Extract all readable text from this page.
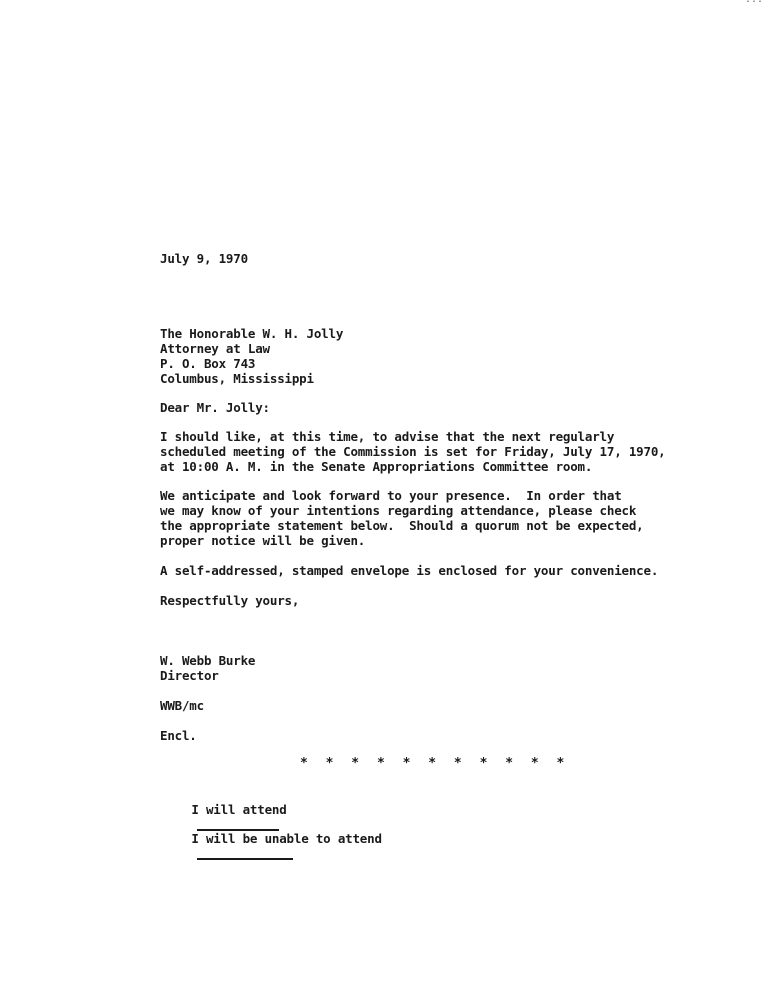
July 9, 1970
The Honorable W. H. Jolly
Attorney at Law
P. O. Box 743
Columbus, Mississippi
Dear Mr. Jolly:
I should like, at this time, to advise that the next regularly
scheduled meeting of the Commission is set for Friday, July 17, 1970,
at 10:00 A. M. in the Senate Appropriations Committee room.
We anticipate and look forward to your presence.  In order that
we may know of your intentions regarding attendance, please check
the appropriate statement below.  Should a quorum not be expected,
proper notice will be given.
A self-addressed, stamped envelope is enclosed for your convenience.
Respectfully yours,
W. Webb Burke
Director
WWB/mc
Encl.
* * * * * * * * * * *

I will attend

I will be unable to attend
